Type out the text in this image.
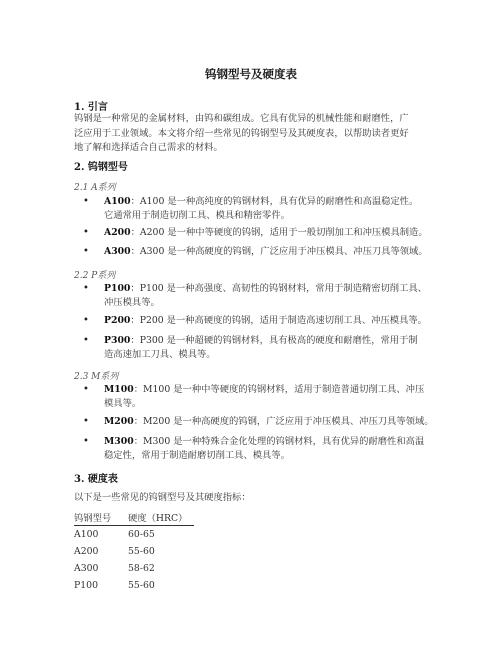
钨钢型号及硬度表
1. 引言
钨钢是一种常见的金属材料，由钨和碳组成。它具有优异的机械性能和耐磨性，广
泛应用于工业领域。本文将介绍一些常见的钨钢型号及其硬度表，以帮助读者更好
地了解和选择适合自己需求的材料。
2. 钨钢型号
2.1 A系列
• A100：A100 是一种高纯度的钨钢材料，具有优异的耐磨性和高温稳定性。
它通常用于制造切削工具、模具和精密零件。
• A200：A200 是一种中等硬度的钨钢，适用于一般切削加工和冲压模具制造。
• A300：A300 是一种高硬度的钨钢，广泛应用于冲压模具、冲压刀具等领域。
2.2 P系列
• P100：P100 是一种高强度、高韧性的钨钢材料，常用于制造精密切削工具、
冲压模具等。
• P200：P200 是一种高硬度的钨钢，适用于制造高速切削工具、冲压模具等。
• P300：P300 是一种超硬的钨钢材料，具有极高的硬度和耐磨性，常用于制
造高速加工刀具、模具等。
2.3 M系列
• M100：M100 是一种中等硬度的钨钢材料，适用于制造普通切削工具、冲压
模具等。
• M200：M200 是一种高硬度的钨钢，广泛应用于冲压模具、冲压刀具等领域。
• M300：M300 是一种特殊合金化处理的钨钢材料，具有优异的耐磨性和高温
稳定性，常用于制造耐磨切削工具、模具等。
3. 硬度表
以下是一些常见的钨钢型号及其硬度指标：
钨钢型号	硬度（HRC）
A100	60-65
A200	55-60
A300	58-62
P100	55-60
